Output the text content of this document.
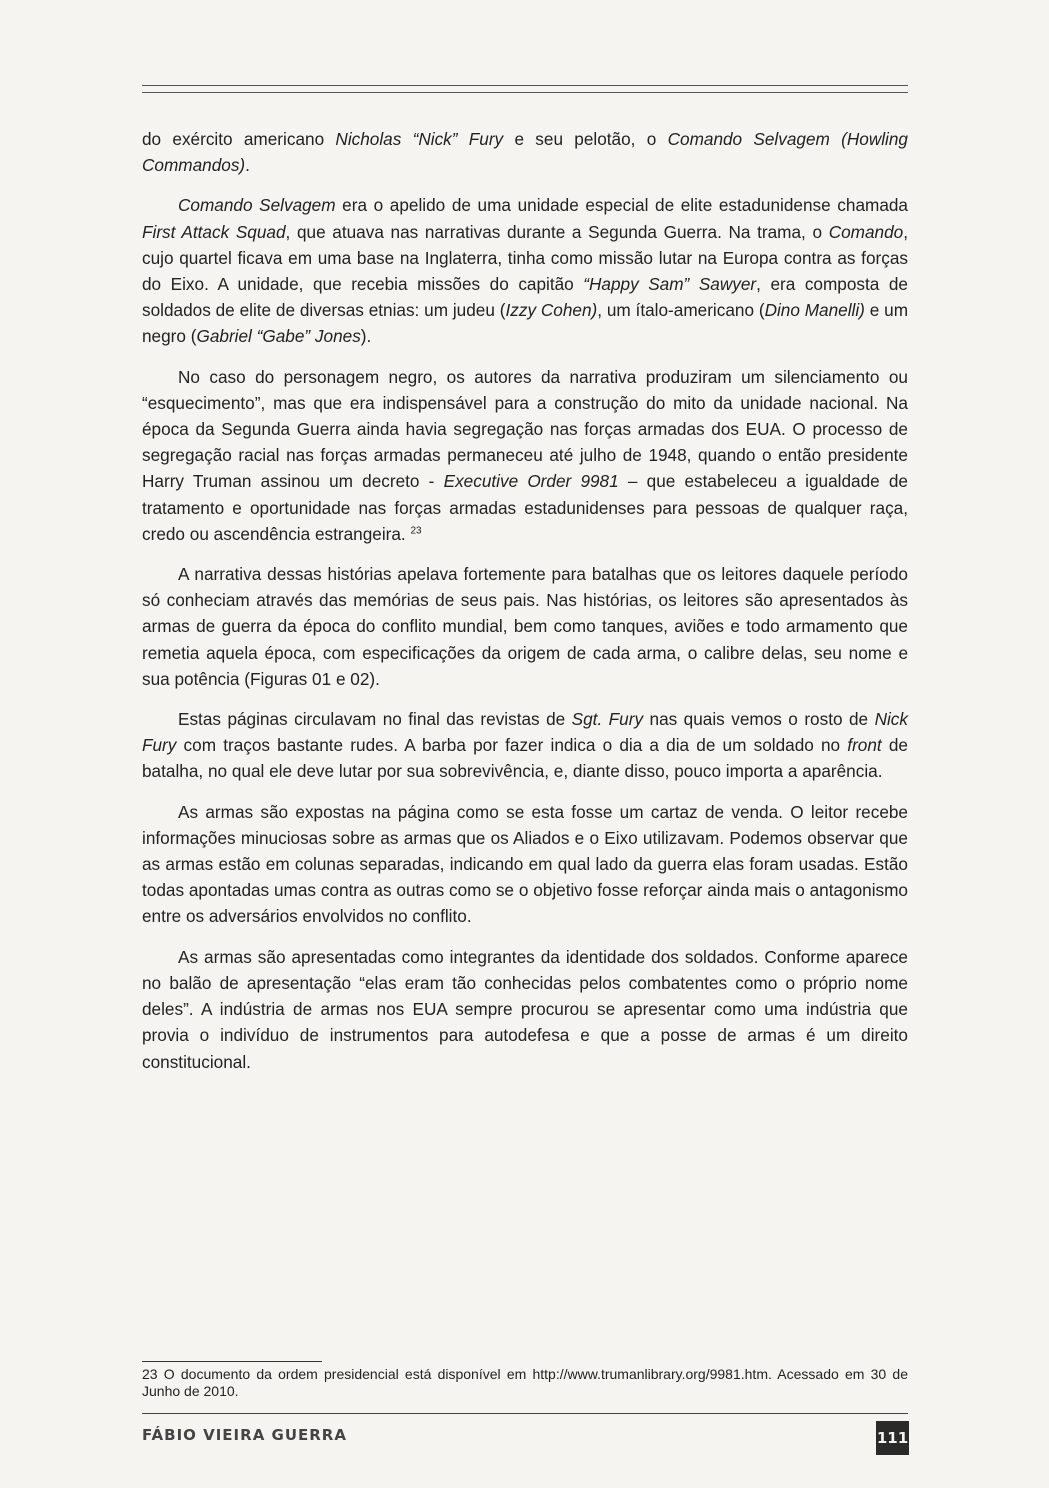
do exército americano Nicholas “Nick” Fury e seu pelotão, o Comando Selvagem (Howling Commandos).

Comando Selvagem era o apelido de uma unidade especial de elite estadunidense chamada First Attack Squad, que atuava nas narrativas durante a Segunda Guerra. Na trama, o Comando, cujo quartel ficava em uma base na Inglaterra, tinha como missão lutar na Europa contra as forças do Eixo. A unidade, que recebia missões do capitão “Happy Sam” Sawyer, era composta de soldados de elite de diversas etnias: um judeu (Izzy Cohen), um ítalo-americano (Dino Manelli) e um negro (Gabriel “Gabe” Jones).

No caso do personagem negro, os autores da narrativa produziram um silenciamento ou “esquecimento”, mas que era indispensável para a construção do mito da unidade nacional. Na época da Segunda Guerra ainda havia segregação nas forças armadas dos EUA. O processo de segregação racial nas forças armadas permaneceu até julho de 1948, quando o então presidente Harry Truman assinou um decreto - Executive Order 9981 – que estabeleceu a igualdade de tratamento e oportunidade nas forças armadas estadunidenses para pessoas de qualquer raça, credo ou ascendência estrangeira. $^{23}$

A narrativa dessas histórias apelava fortemente para batalhas que os leitores daquele período só conheciam através das memórias de seus pais. Nas histórias, os leitores são apresentados às armas de guerra da época do conflito mundial, bem como tanques, aviões e todo armamento que remetia aquela época, com especificações da origem de cada arma, o calibre delas, seu nome e sua potência (Figuras 01 e 02).

Estas páginas circulavam no final das revistas de Sgt. Fury nas quais vemos o rosto de Nick Fury com traços bastante rudes. A barba por fazer indica o dia a dia de um soldado no front de batalha, no qual ele deve lutar por sua sobrevivência, e, diante disso, pouco importa a aparência.

As armas são expostas na página como se esta fosse um cartaz de venda. O leitor recebe informações minuciosas sobre as armas que os Aliados e o Eixo utilizavam. Podemos observar que as armas estão em colunas separadas, indicando em qual lado da guerra elas foram usadas. Estão todas apontadas umas contra as outras como se o objetivo fosse reforçar ainda mais o antagonismo entre os adversários envolvidos no conflito.

As armas são apresentadas como integrantes da identidade dos soldados. Conforme aparece no balão de apresentação “elas eram tão conhecidas pelos combatentes como o próprio nome deles”. A indústria de armas nos EUA sempre procurou se apresentar como uma indústria que provia o indivíduo de instrumentos para autodefesa e que a posse de armas é um direito constitucional.

23 O documento da ordem presidencial está disponível em http://www.trumanlibrary.org/9981.htm. Acessado em 30 de Junho de 2010.
FÁBIO VIEIRA GUERRA	111
